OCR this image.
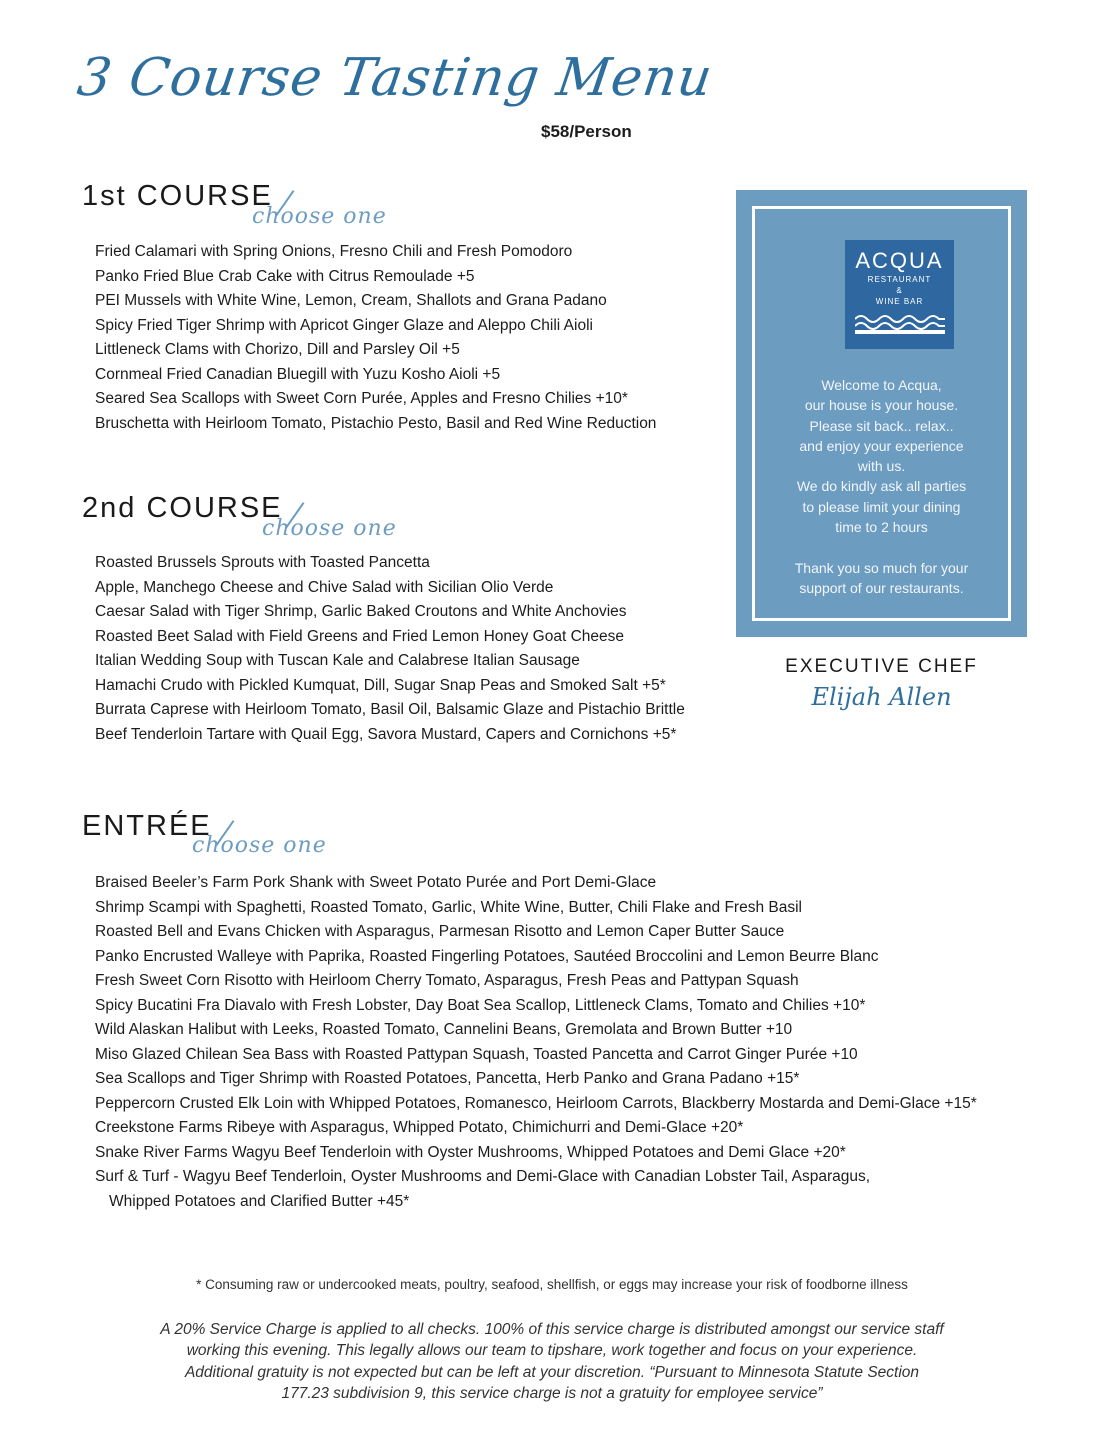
3 Course Tasting Menu
$58/Person
1st COURSE
choose one
Fried Calamari with Spring Onions, Fresno Chili and Fresh Pomodoro
Panko Fried Blue Crab Cake with Citrus Remoulade +5
PEI Mussels with White Wine, Lemon, Cream, Shallots and Grana Padano
Spicy Fried Tiger Shrimp with Apricot Ginger Glaze and Aleppo Chili Aioli
Littleneck Clams with Chorizo, Dill and Parsley Oil +5
Cornmeal Fried Canadian Bluegill with Yuzu Kosho Aioli +5
Seared Sea Scallops with Sweet Corn Purée, Apples and Fresno Chilies +10*
Bruschetta with Heirloom Tomato, Pistachio Pesto, Basil and Red Wine Reduction
2nd COURSE
choose one
Roasted Brussels Sprouts with Toasted Pancetta
Apple, Manchego Cheese and Chive Salad with Sicilian Olio Verde
Caesar Salad with Tiger Shrimp, Garlic Baked Croutons and White Anchovies
Roasted Beet Salad with Field Greens and Fried Lemon Honey Goat Cheese
Italian Wedding Soup with Tuscan Kale and Calabrese Italian Sausage
Hamachi Crudo with Pickled Kumquat, Dill, Sugar Snap Peas and Smoked Salt +5*
Burrata Caprese with Heirloom Tomato, Basil Oil, Balsamic Glaze and Pistachio Brittle
Beef Tenderloin Tartare with Quail Egg, Savora Mustard, Capers and Cornichons +5*
ENTRÉE
choose one
Braised Beeler’s Farm Pork Shank with Sweet Potato Purée and Port Demi-Glace
Shrimp Scampi with Spaghetti, Roasted Tomato, Garlic, White Wine, Butter, Chili Flake and Fresh Basil
Roasted Bell and Evans Chicken with Asparagus, Parmesan Risotto and Lemon Caper Butter Sauce
Panko Encrusted Walleye with Paprika, Roasted Fingerling Potatoes, Sautéed Broccolini and Lemon Beurre Blanc
Fresh Sweet Corn Risotto with Heirloom Cherry Tomato, Asparagus, Fresh Peas and Pattypan Squash
Spicy Bucatini Fra Diavalo with Fresh Lobster, Day Boat Sea Scallop, Littleneck Clams, Tomato and Chilies +10*
Wild Alaskan Halibut with Leeks, Roasted Tomato, Cannelini Beans, Gremolata and Brown Butter +10
Miso Glazed Chilean Sea Bass with Roasted Pattypan Squash, Toasted Pancetta and Carrot Ginger Purée +10
Sea Scallops and Tiger Shrimp with Roasted Potatoes, Pancetta, Herb Panko and Grana Padano +15*
Peppercorn Crusted Elk Loin with Whipped Potatoes, Romanesco, Heirloom Carrots, Blackberry Mostarda and Demi-Glace +15*
Creekstone Farms Ribeye with Asparagus, Whipped Potato, Chimichurri and Demi-Glace +20*
Snake River Farms Wagyu Beef Tenderloin with Oyster Mushrooms, Whipped Potatoes and Demi Glace +20*
Surf & Turf - Wagyu Beef Tenderloin, Oyster Mushrooms and Demi-Glace with Canadian Lobster Tail, Asparagus,
Whipped Potatoes and Clarified Butter +45*
ACQUA
RESTAURANT
&
WINE BAR
Welcome to Acqua,
our house is your house.
Please sit back.. relax..
and enjoy your experience
with us.
We do kindly ask all parties
to please limit your dining
time to 2 hours
Thank you so much for your
support of our restaurants.
EXECUTIVE CHEF
Elijah Allen
* Consuming raw or undercooked meats, poultry, seafood, shellfish, or eggs may increase your risk of foodborne illness
A 20% Service Charge is applied to all checks. 100% of this service charge is distributed amongst our service staff
working this evening. This legally allows our team to tipshare, work together and focus on your experience.
Additional gratuity is not expected but can be left at your discretion. “Pursuant to Minnesota Statute Section
177.23 subdivision 9, this service charge is not a gratuity for employee service”
